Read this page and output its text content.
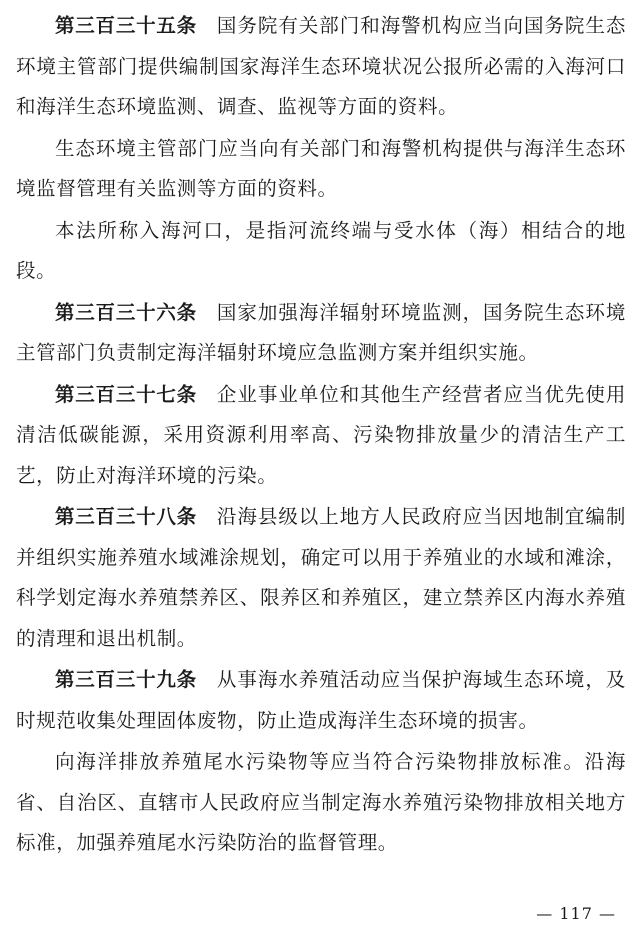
第三百三十五条 国务院有关部门和海警机构应当向国务院生态环境主管部门提供编制国家海洋生态环境状况公报所必需的入海河口和海洋生态环境监测、调查、监视等方面的资料。

生态环境主管部门应当向有关部门和海警机构提供与海洋生态环境监督管理有关监测等方面的资料。

本法所称入海河口，是指河流终端与受水体（海）相结合的地段。

第三百三十六条 国家加强海洋辐射环境监测，国务院生态环境主管部门负责制定海洋辐射环境应急监测方案并组织实施。

第三百三十七条 企业事业单位和其他生产经营者应当优先使用清洁低碳能源，采用资源利用率高、污染物排放量少的清洁生产工艺，防止对海洋环境的污染。

第三百三十八条 沿海县级以上地方人民政府应当因地制宜编制并组织实施养殖水域滩涂规划，确定可以用于养殖业的水域和滩涂，科学划定海水养殖禁养区、限养区和养殖区，建立禁养区内海水养殖的清理和退出机制。

第三百三十九条 从事海水养殖活动应当保护海域生态环境，及时规范收集处理固体废物，防止造成海洋生态环境的损害。

向海洋排放养殖尾水污染物等应当符合污染物排放标准。沿海省、自治区、直辖市人民政府应当制定海水养殖污染物排放相关地方标准，加强养殖尾水污染防治的监督管理。

— 117 —
